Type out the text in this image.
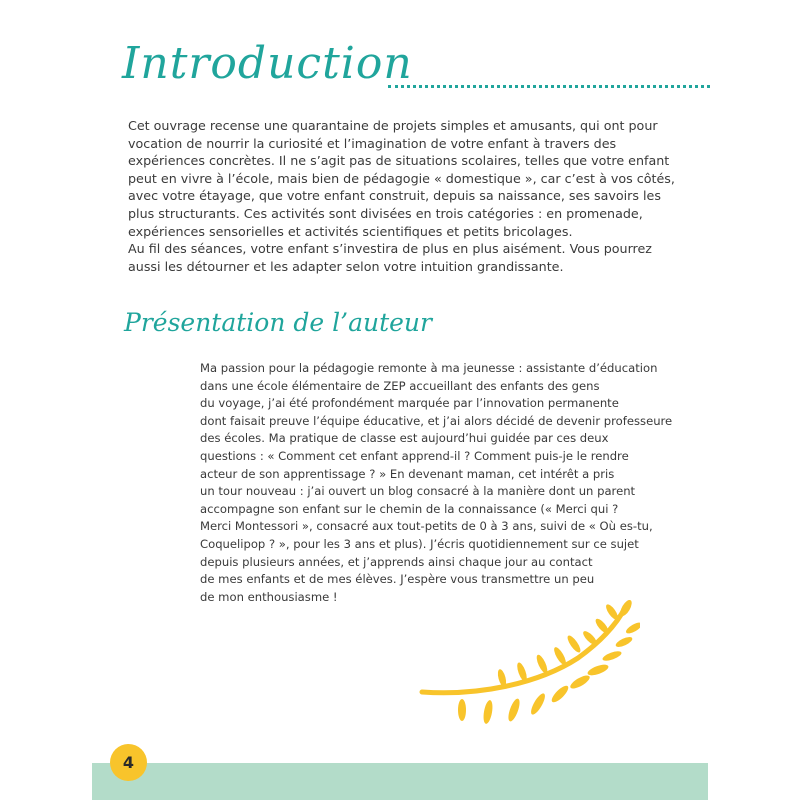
Introduction

Cet ouvrage recense une quarantaine de projets simples et amusants, qui ont pour

vocation de nourrir la curiosité et l’imagination de votre enfant à travers des

expériences concrètes. Il ne s’agit pas de situations scolaires, telles que votre enfant

peut en vivre à l’école, mais bien de pédagogie « domestique », car c’est à vos côtés,

avec votre étayage, que votre enfant construit, depuis sa naissance, ses savoirs les

plus structurants. Ces activités sont divisées en trois catégories : en promenade,

expériences sensorielles et activités scientifiques et petits bricolages.

Au fil des séances, votre enfant s’investira de plus en plus aisément. Vous pourrez

aussi les détourner et les adapter selon votre intuition grandissante.

Présentation de l’auteur
Ma passion pour la pédagogie remonte à ma jeunesse : assistante d’éducation
dans une école élémentaire de ZEP accueillant des enfants des gens
du voyage, j’ai été profondément marquée par l’innovation permanente
dont faisait preuve l’équipe éducative, et j’ai alors décidé de devenir professeure
des écoles. Ma pratique de classe est aujourd’hui guidée par ces deux
questions : « Comment cet enfant apprend-il ? Comment puis-je le rendre
acteur de son apprentissage ? » En devenant maman, cet intérêt a pris
un tour nouveau : j’ai ouvert un blog consacré à la manière dont un parent
accompagne son enfant sur le chemin de la connaissance (« Merci qui ?
Merci Montessori », consacré aux tout-petits de 0 à 3 ans, suivi de « Où es-tu,
Coquelipop ? », pour les 3 ans et plus). J’écris quotidiennement sur ce sujet
depuis plusieurs années, et j’apprends ainsi chaque jour au contact
de mes enfants et de mes élèves. J’espère vous transmettre un peu
de mon enthousiasme !
4
